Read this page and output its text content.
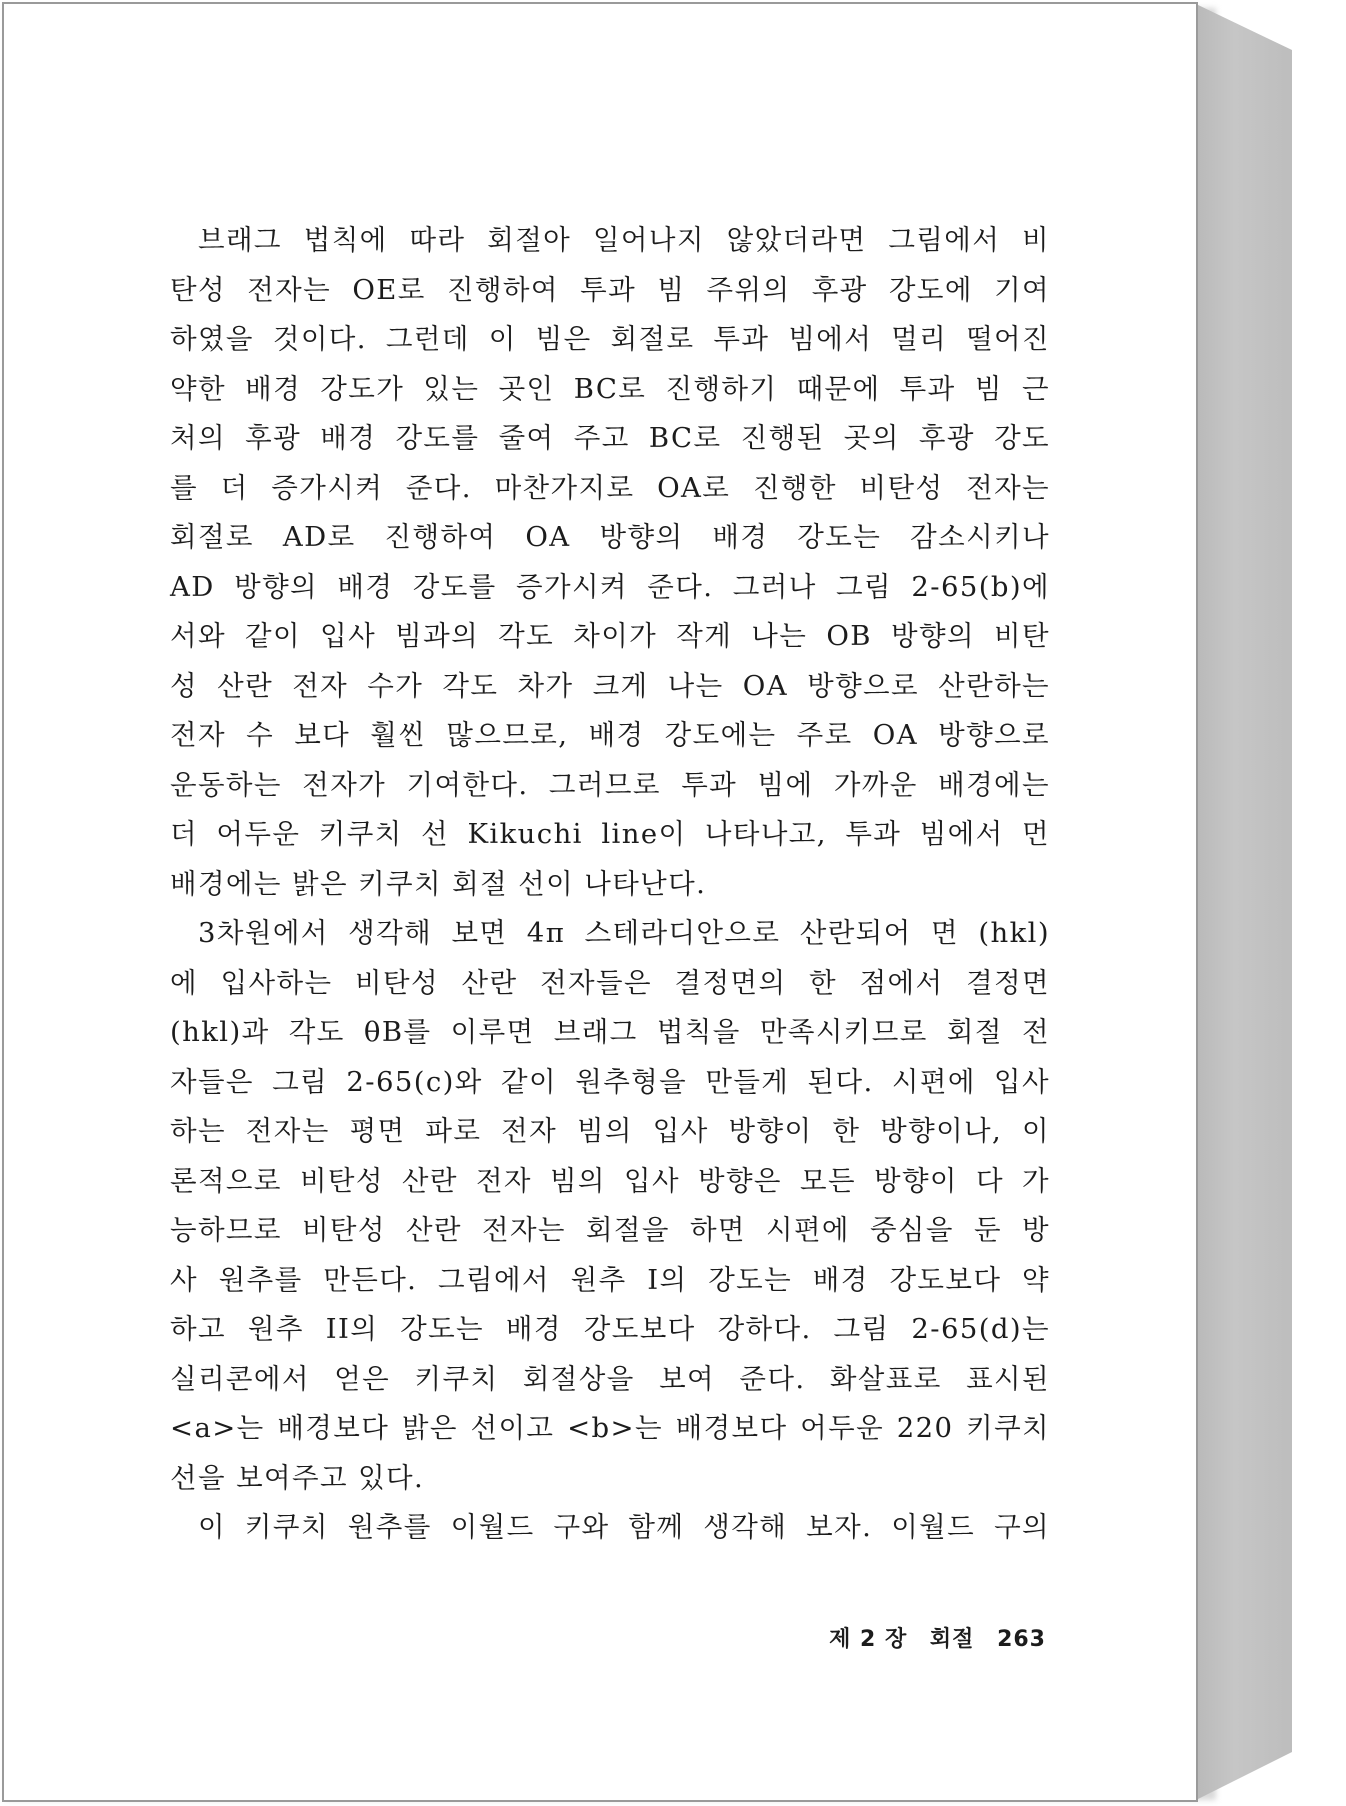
브래그 법칙에 따라 회절아 일어나지 않았더라면 그림에서 비
탄성 전자는 OE로 진행하여 투과 빔 주위의 후광 강도에 기여
하였을 것이다. 그런데 이 빔은 회절로 투과 빔에서 멀리 떨어진
약한 배경 강도가 있는 곳인 BC로 진행하기 때문에 투과 빔 근
처의 후광 배경 강도를 줄여 주고 BC로 진행된 곳의 후광 강도
를 더 증가시켜 준다. 마찬가지로 OA로 진행한 비탄성 전자는
회절로 AD로 진행하여 OA 방향의 배경 강도는 감소시키나
AD 방향의 배경 강도를 증가시켜 준다. 그러나 그림 2-65(b)에
서와 같이 입사 빔과의 각도 차이가 작게 나는 OB 방향의 비탄
성 산란 전자 수가 각도 차가 크게 나는 OA 방향으로 산란하는
전자 수 보다 훨씬 많으므로, 배경 강도에는 주로 OA 방향으로
운동하는 전자가 기여한다. 그러므로 투과 빔에 가까운 배경에는
더 어두운 키쿠치 선 Kikuchi line이 나타나고, 투과 빔에서 먼
배경에는 밝은 키쿠치 회절 선이 나타난다.
3차원에서 생각해 보면 4π 스테라디안으로 산란되어 면 (hkl)
에 입사하는 비탄성 산란 전자들은 결정면의 한 점에서 결정면
(hkl)과 각도 θB를 이루면 브래그 법칙을 만족시키므로 회절 전
자들은 그림 2-65(c)와 같이 원추형을 만들게 된다. 시편에 입사
하는 전자는 평면 파로 전자 빔의 입사 방향이 한 방향이나, 이
론적으로 비탄성 산란 전자 빔의 입사 방향은 모든 방향이 다 가
능하므로 비탄성 산란 전자는 회절을 하면 시편에 중심을 둔 방
사 원추를 만든다. 그림에서 원추 I의 강도는 배경 강도보다 약
하고 원추 II의 강도는 배경 강도보다 강하다. 그림 2-65(d)는
실리콘에서 얻은 키쿠치 회절상을 보여 준다. 화살표로 표시된
<a>는 배경보다 밝은 선이고 <b>는 배경보다 어두운 220 키쿠치
선을 보여주고 있다.
이 키쿠치 원추를 이월드 구와 함께 생각해 보자. 이월드 구의
제 2 장 회절 263
